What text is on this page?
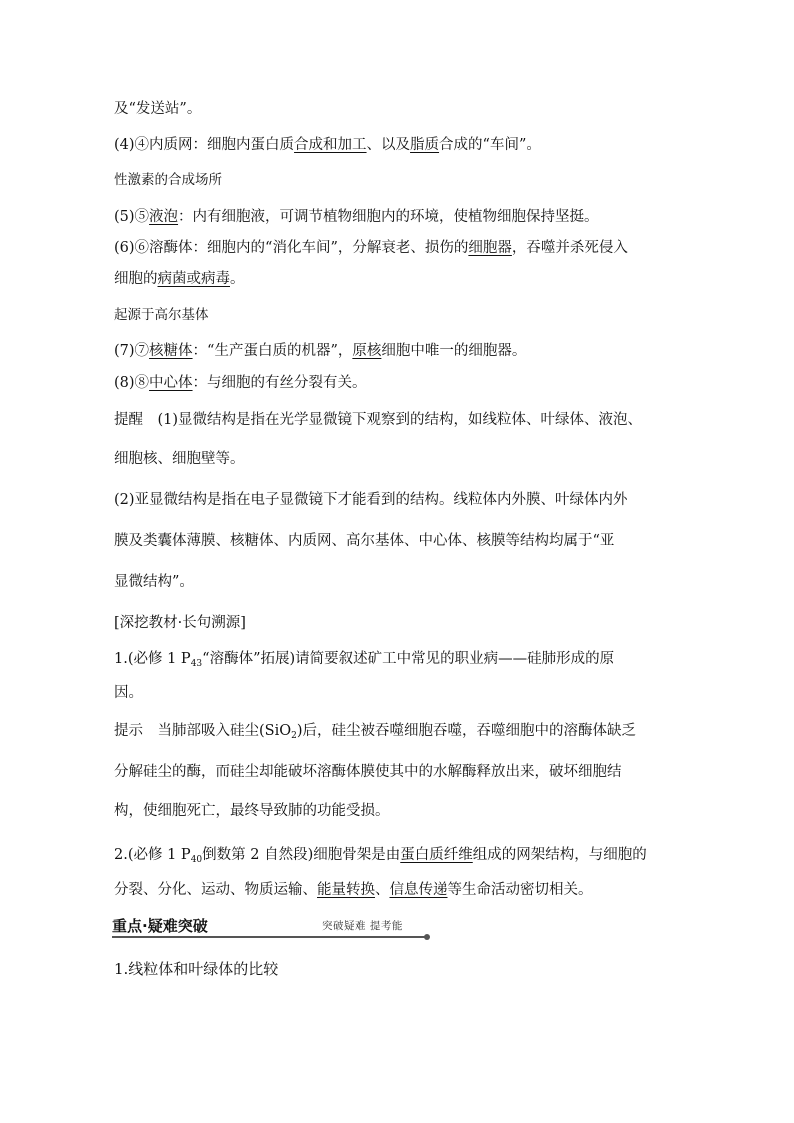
及“发送站”。
(4)④内质网：细胞内蛋白质合成和加工、以及脂质合成的“车间”。
性激素的合成场所
(5)⑤液泡：内有细胞液，可调节植物细胞内的环境，使植物细胞保持坚挺。
(6)⑥溶酶体：细胞内的“消化车间”，分解衰老、损伤的细胞器，吞噬并杀死侵入
细胞的病菌或病毒。
起源于高尔基体
(7)⑦核糖体：“生产蛋白质的机器”，原核细胞中唯一的细胞器。
(8)⑧中心体：与细胞的有丝分裂有关。
提醒　(1)显微结构是指在光学显微镜下观察到的结构，如线粒体、叶绿体、液泡、
细胞核、细胞壁等。
(2)亚显微结构是指在电子显微镜下才能看到的结构。线粒体内外膜、叶绿体内外
膜及类囊体薄膜、核糖体、内质网、高尔基体、中心体、核膜等结构均属于“亚
显微结构”。
[深挖教材·长句溯源]
1.(必修 1 $P_{43}“$溶酶体”拓展)请简要叙述矿工中常见的职业病——硅肺形成的原
因。
提示　当肺部吸入硅尘(SiO$_2$)后，硅尘被吞噬细胞吞噬，吞噬细胞中的溶酶体缺乏
分解硅尘的酶，而硅尘却能破坏溶酶体膜使其中的水解酶释放出来，破坏细胞结
构，使细胞死亡，最终导致肺的功能受损。
2.(必修 1 $P_{40}$倒数第 2 自然段)细胞骨架是由蛋白质纤维组成的网架结构，与细胞的
分裂、分化、运动、物质运输、能量转换、信息传递等生命活动密切相关。
重点·疑难突破	突破疑难 提考能
1.线粒体和叶绿体的比较
